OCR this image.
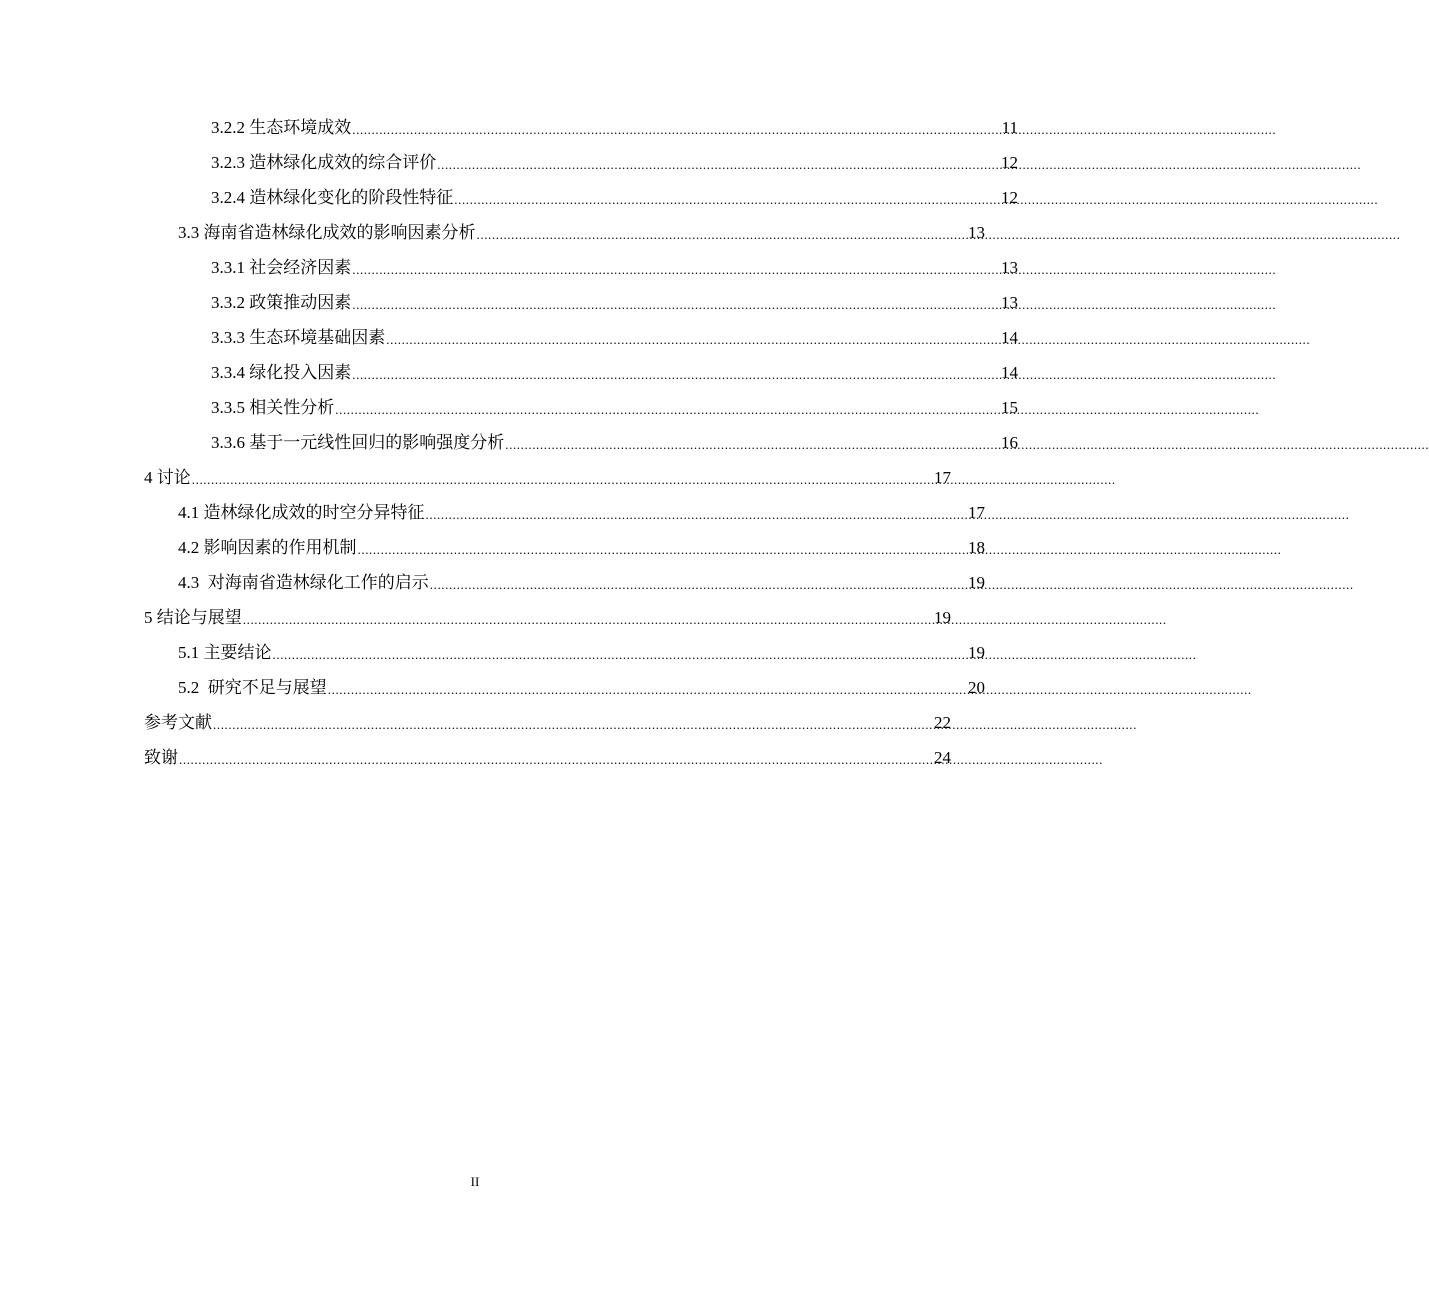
3.2.2 生态环境成效 .....	11
3.2.3 造林绿化成效的综合评价 .....	12
3.2.4 造林绿化变化的阶段性特征 .....	12
3.3 海南省造林绿化成效的影响因素分析 .....	13
3.3.1 社会经济因素 .....	13
3.3.2 政策推动因素 .....	13
3.3.3 生态环境基础因素 .....	14
3.3.4 绿化投入因素 .....	14
3.3.5 相关性分析 .....	15
3.3.6 基于一元线性回归的影响强度分析 .....	16
4 讨论 .....	17
4.1 造林绿化成效的时空分异特征 .....	17
4.2 影响因素的作用机制 .....	18
4.3  对海南省造林绿化工作的启示 .....	19
5 结论与展望 .....	19
5.1 主要结论 .....	19
5.2  研究不足与展望 .....	20
参考文献 .....	22
致谢 .....	24
II
